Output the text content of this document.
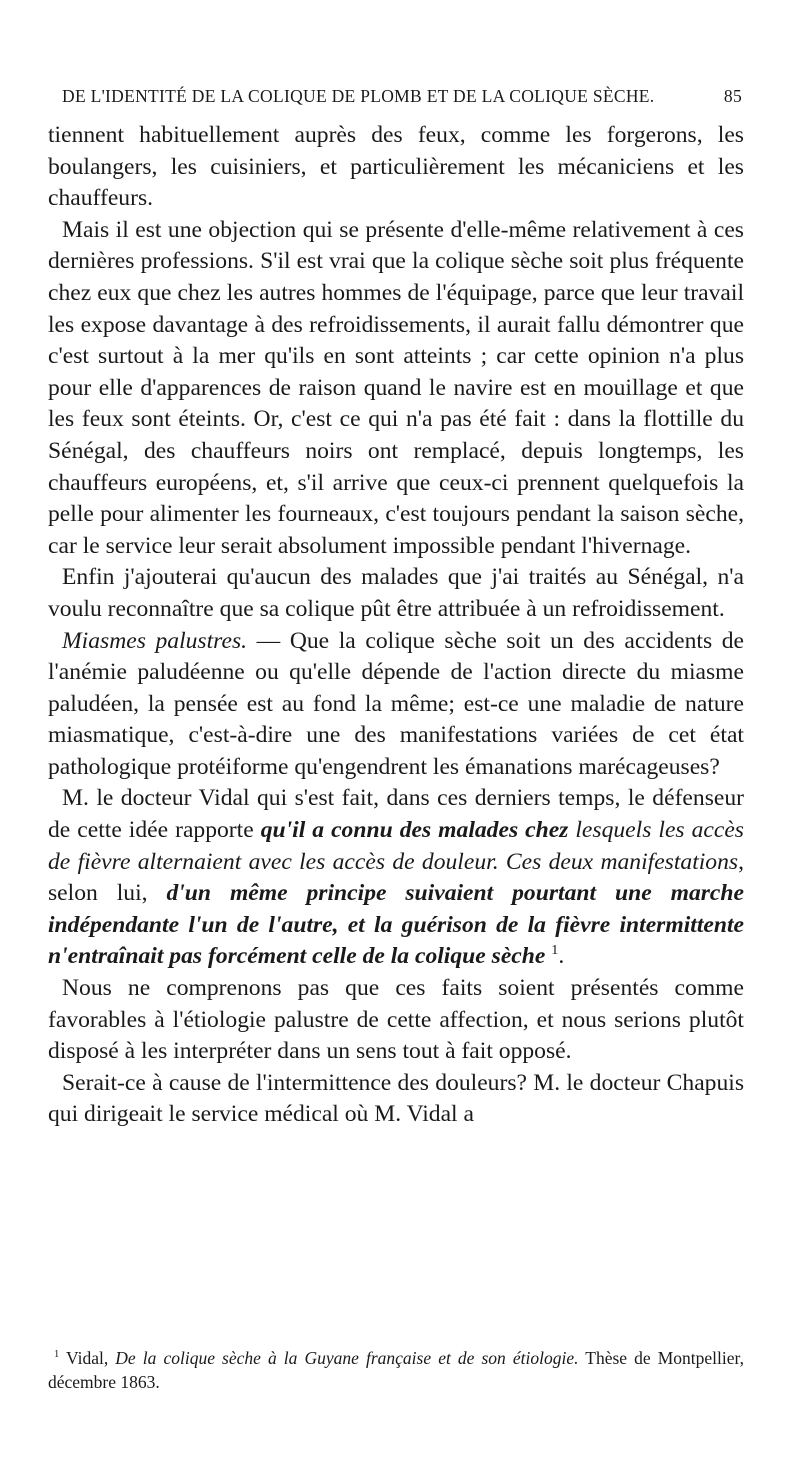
DE L'IDENTITÉ DE LA COLIQUE DE PLOMB ET DE LA COLIQUE SÈCHE.	85

tiennent habituellement auprès des feux, comme les forgerons, les boulangers, les cuisiniers, et particulièrement les mécaniciens et les chauffeurs.

Mais il est une objection qui se présente d'elle-même relativement à ces dernières professions. S'il est vrai que la colique sèche soit plus fréquente chez eux que chez les autres hommes de l'équipage, parce que leur travail les expose davantage à des refroidissements, il aurait fallu démontrer que c'est surtout à la mer qu'ils en sont atteints ; car cette opinion n'a plus pour elle d'apparences de raison quand le navire est en mouillage et que les feux sont éteints. Or, c'est ce qui n'a pas été fait : dans la flottille du Sénégal, des chauffeurs noirs ont remplacé, depuis longtemps, les chauffeurs européens, et, s'il arrive que ceux-ci prennent quelquefois la pelle pour alimenter les fourneaux, c'est toujours pendant la saison sèche, car le service leur serait absolument impossible pendant l'hivernage.

Enfin j'ajouterai qu'aucun des malades que j'ai traités au Sénégal, n'a voulu reconnaître que sa colique pût être attribuée à un refroidissement.

Miasmes palustres. — Que la colique sèche soit un des accidents de l'anémie paludéenne ou qu'elle dépende de l'action directe du miasme paludéen, la pensée est au fond la même; est-ce une maladie de nature miasmatique, c'est-à-dire une des manifestations variées de cet état pathologique protéiforme qu'engendrent les émanations marécageuses?

M. le docteur Vidal qui s'est fait, dans ces derniers temps, le défenseur de cette idée rapporte qu'il a connu des malades chez lesquels les accès de fièvre alternaient avec les accès de douleur. Ces deux manifestations, selon lui, d'un même principe suivaient pourtant une marche indépendante l'un de l'autre, et la guérison de la fièvre intermittente n'entraînait pas forcément celle de la colique sèche $^1$.

Nous ne comprenons pas que ces faits soient présentés comme favorables à l'étiologie palustre de cette affection, et nous serions plutôt disposé à les interpréter dans un sens tout à fait opposé.

Serait-ce à cause de l'intermittence des douleurs? M. le docteur Chapuis qui dirigeait le service médical où M. Vidal a

$^1$ Vidal, De la colique sèche à la Guyane française et de son étiologie. Thèse de Montpellier, décembre 1863.
